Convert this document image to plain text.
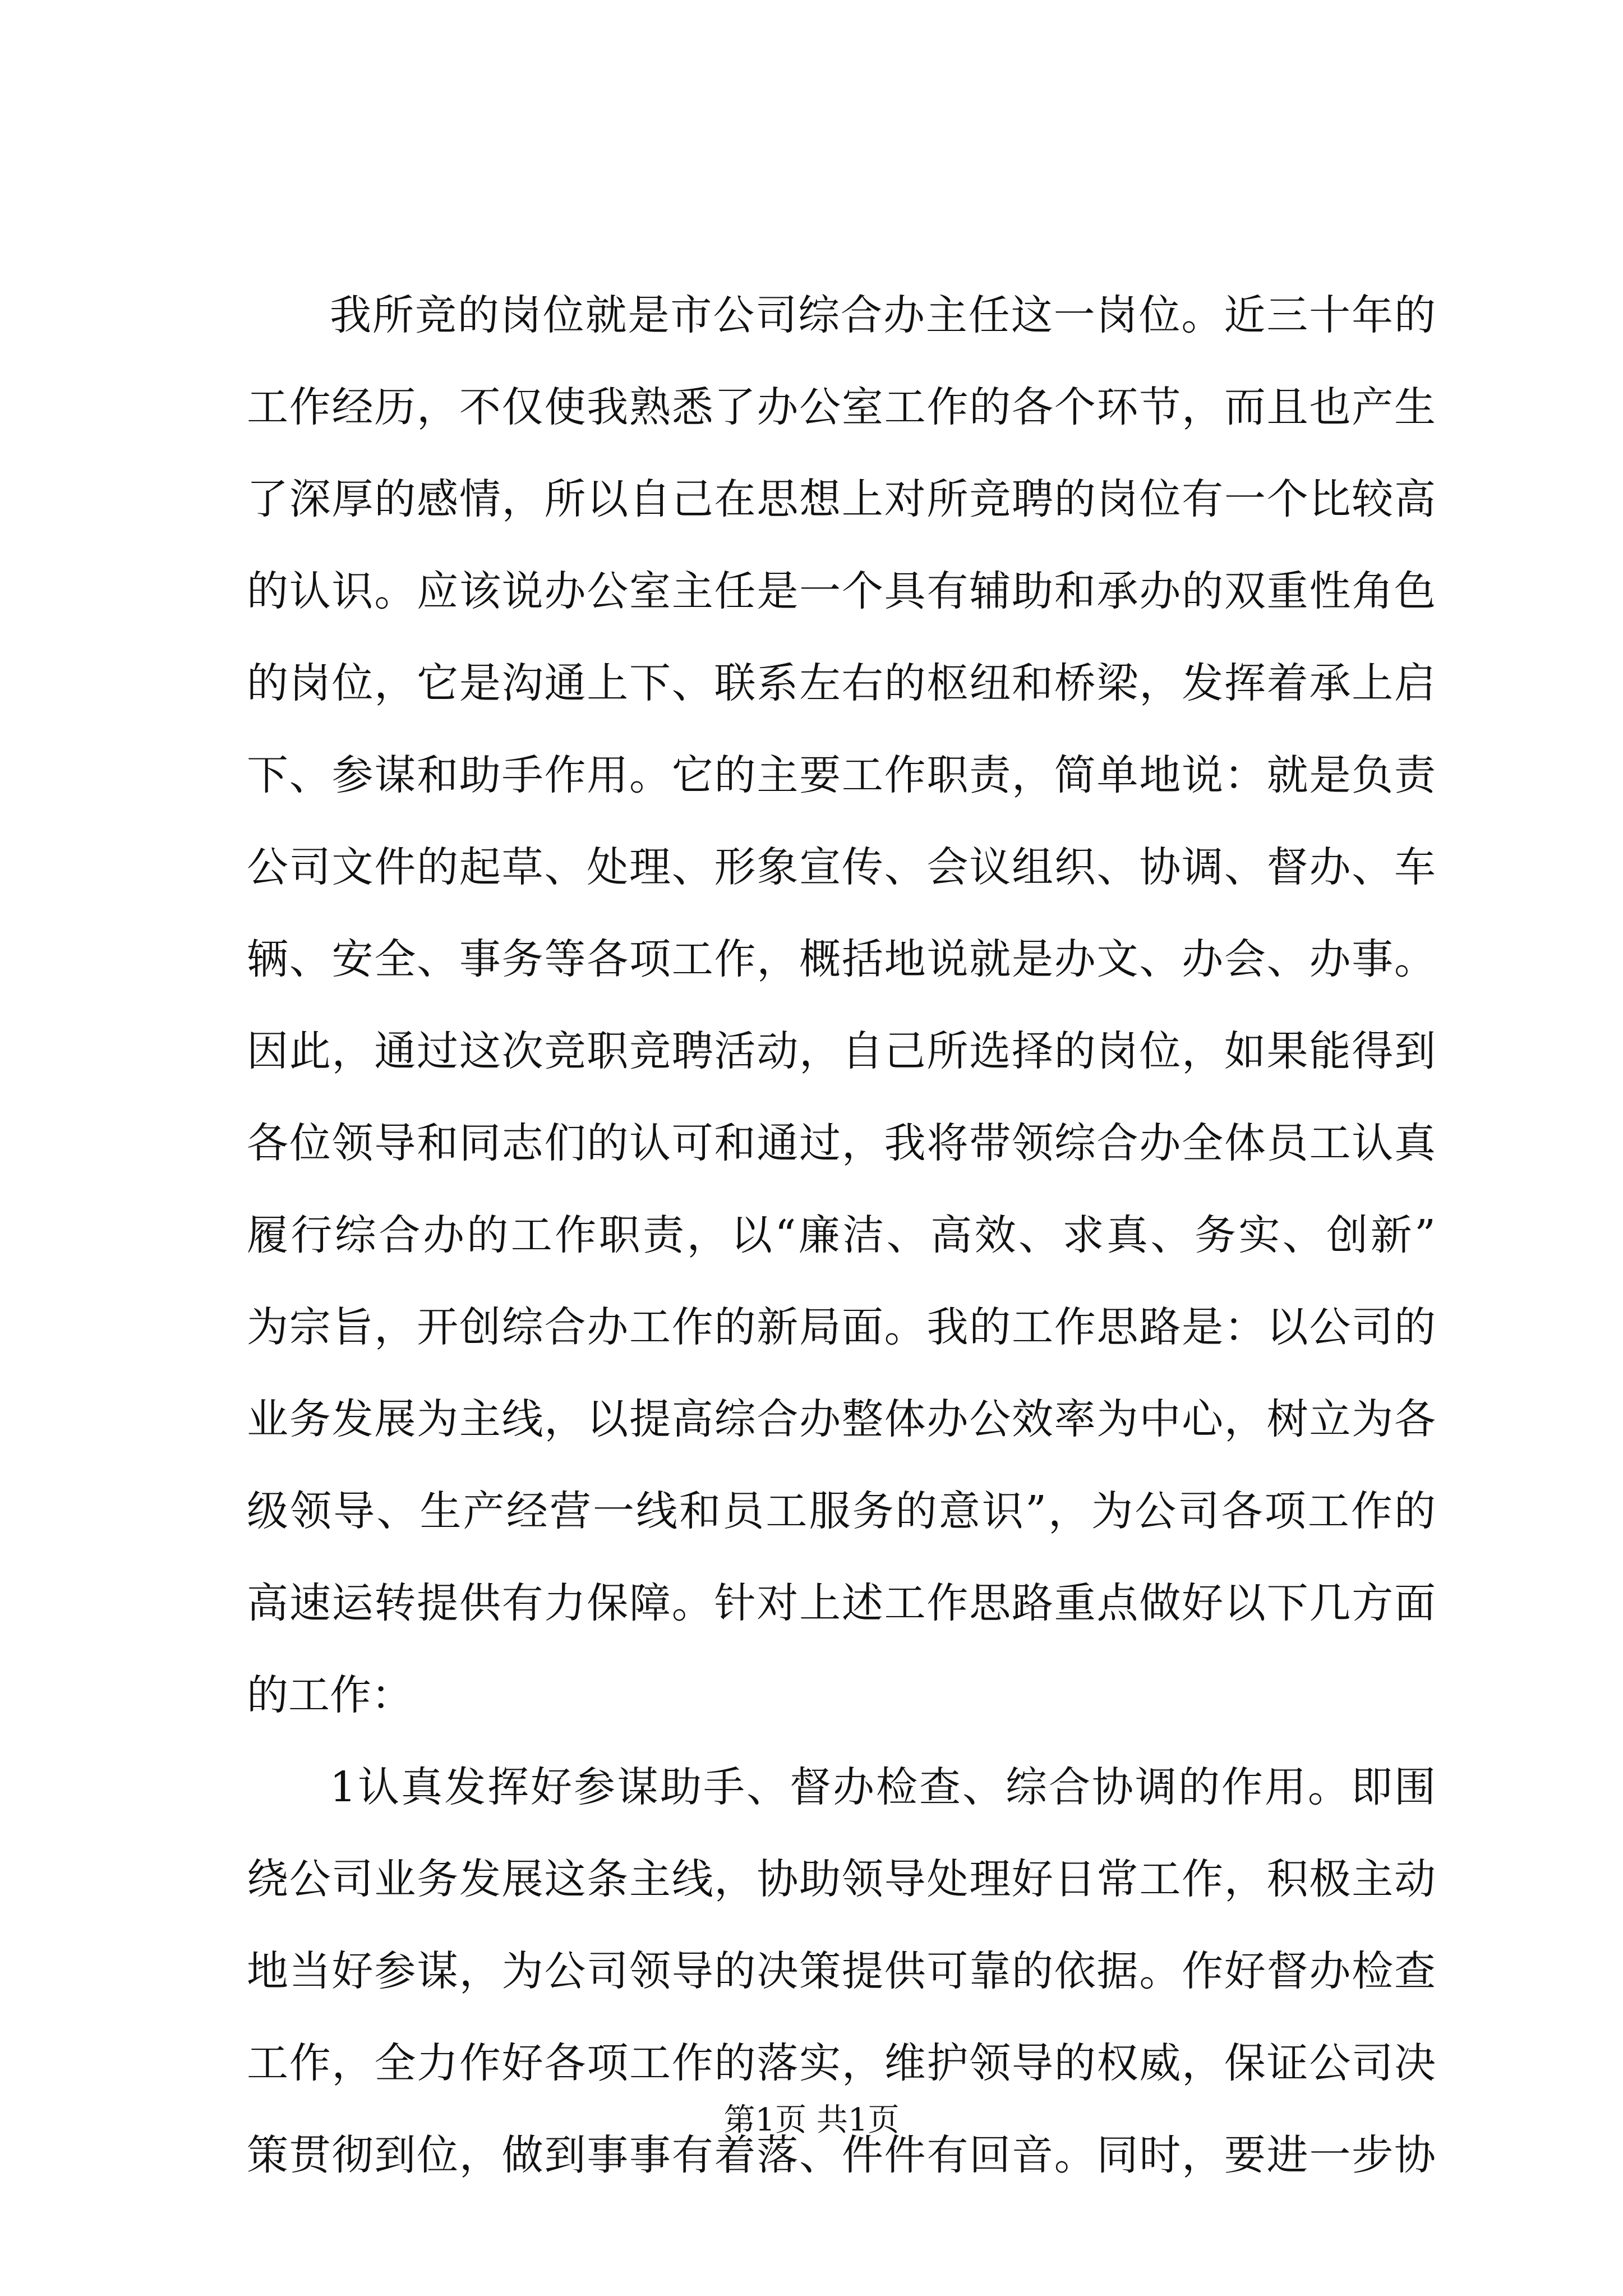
我所竞的岗位就是市公司综合办主任这一岗位。近三十年的
工作经历，不仅使我熟悉了办公室工作的各个环节，而且也产生
了深厚的感情，所以自己在思想上对所竞聘的岗位有一个比较高
的认识。应该说办公室主任是一个具有辅助和承办的双重性角色
的岗位，它是沟通上下、联系左右的枢纽和桥梁，发挥着承上启
下、参谋和助手作用。它的主要工作职责，简单地说：就是负责
公司文件的起草、处理、形象宣传、会议组织、协调、督办、车
辆、安全、事务等各项工作，概括地说就是办文、办会、办事。
因此，通过这次竞职竞聘活动，自己所选择的岗位，如果能得到
各位领导和同志们的认可和通过，我将带领综合办全体员工认真
履行综合办的工作职责，以“廉洁、高效、求真、务实、创新”
为宗旨，开创综合办工作的新局面。我的工作思路是：以公司的
业务发展为主线，以提高综合办整体办公效率为中心，树立为各
级领导、生产经营一线和员工服务的意识”，为公司各项工作的
高速运转提供有力保障。针对上述工作思路重点做好以下几方面
的工作：
1认真发挥好参谋助手、督办检查、综合协调的作用。即围
绕公司业务发展这条主线，协助领导处理好日常工作，积极主动
地当好参谋，为公司领导的决策提供可靠的依据。作好督办检查
工作，全力作好各项工作的落实，维护领导的权威，保证公司决
策贯彻到位，做到事事有着落、件件有回音。同时，要进一步协
第1页 共1页
